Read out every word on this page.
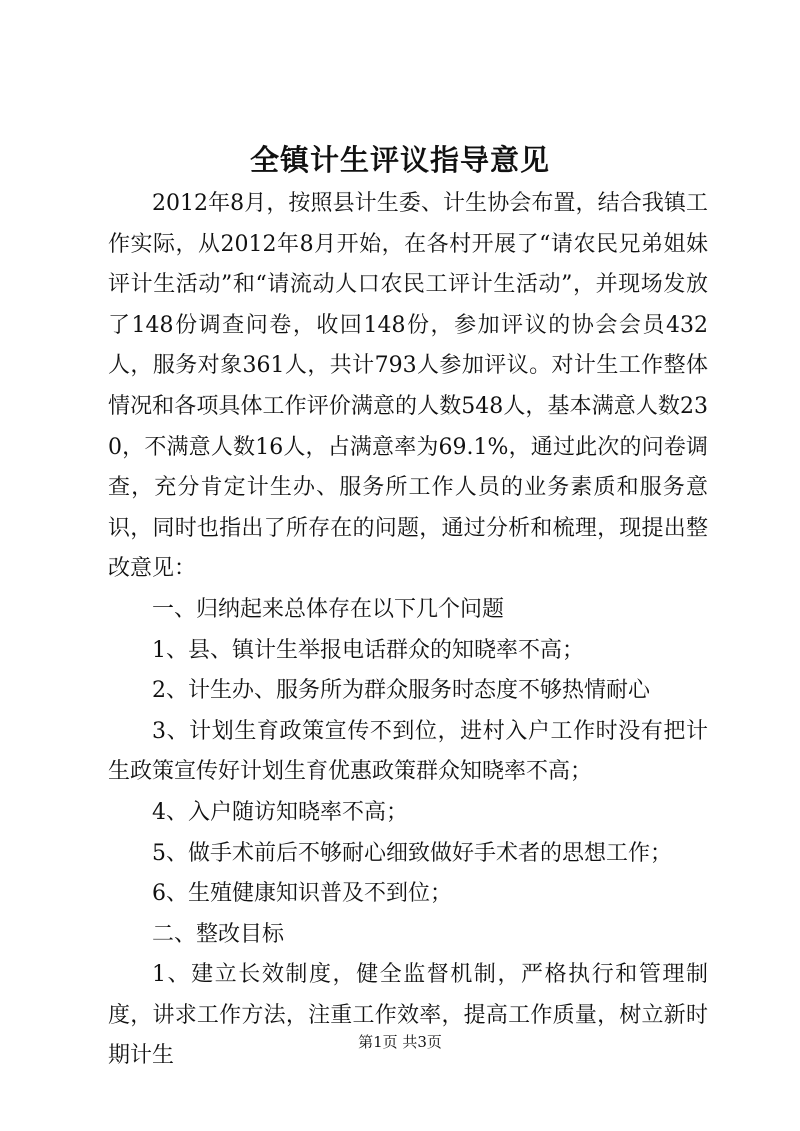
全镇计生评议指导意见

2012年8月，按照县计生委、计生协会布置，结合我镇工作实际，从2012年8月开始，在各村开展了“请农民兄弟姐妹评计生活动”和“请流动人口农民工评计生活动”，并现场发放了148份调查问卷，收回148份，参加评议的协会会员432人，服务对象361人，共计793人参加评议。对计生工作整体情况和各项具体工作评价满意的人数548人，基本满意人数230，不满意人数16人，占满意率为69.1%，通过此次的问卷调查，充分肯定计生办、服务所工作人员的业务素质和服务意识，同时也指出了所存在的问题，通过分析和梳理，现提出整改意见：

一、归纳起来总体存在以下几个问题

1、县、镇计生举报电话群众的知晓率不高；

2、计生办、服务所为群众服务时态度不够热情耐心

3、计划生育政策宣传不到位，进村入户工作时没有把计生政策宣传好计划生育优惠政策群众知晓率不高；

4、入户随访知晓率不高；

5、做手术前后不够耐心细致做好手术者的思想工作；

6、生殖健康知识普及不到位；

二、整改目标

1、建立长效制度，健全监督机制，严格执行和管理制度，讲求工作方法，注重工作效率，提高工作质量，树立新时期计生

第1页 共3页
